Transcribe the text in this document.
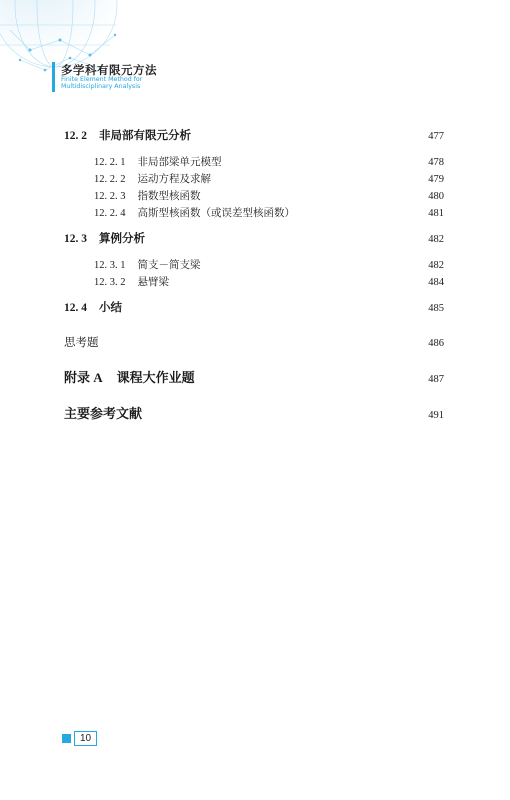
多学科有限元方法
Finite Element Method for
Multidisciplinary Analysis
12. 2 非局部有限元分析	477
12. 2. 1 非局部梁单元模型	478
12. 2. 2 运动方程及求解	479
12. 2. 3 指数型核函数	480
12. 2. 4 高斯型核函数（或误差型核函数）	481
12. 3 算例分析	482
12. 3. 1 简支－简支梁	482
12. 3. 2 悬臂梁	484
12. 4 小结	485
思考题	486
附录 A 课程大作业题	487
主要参考文献	491
10
